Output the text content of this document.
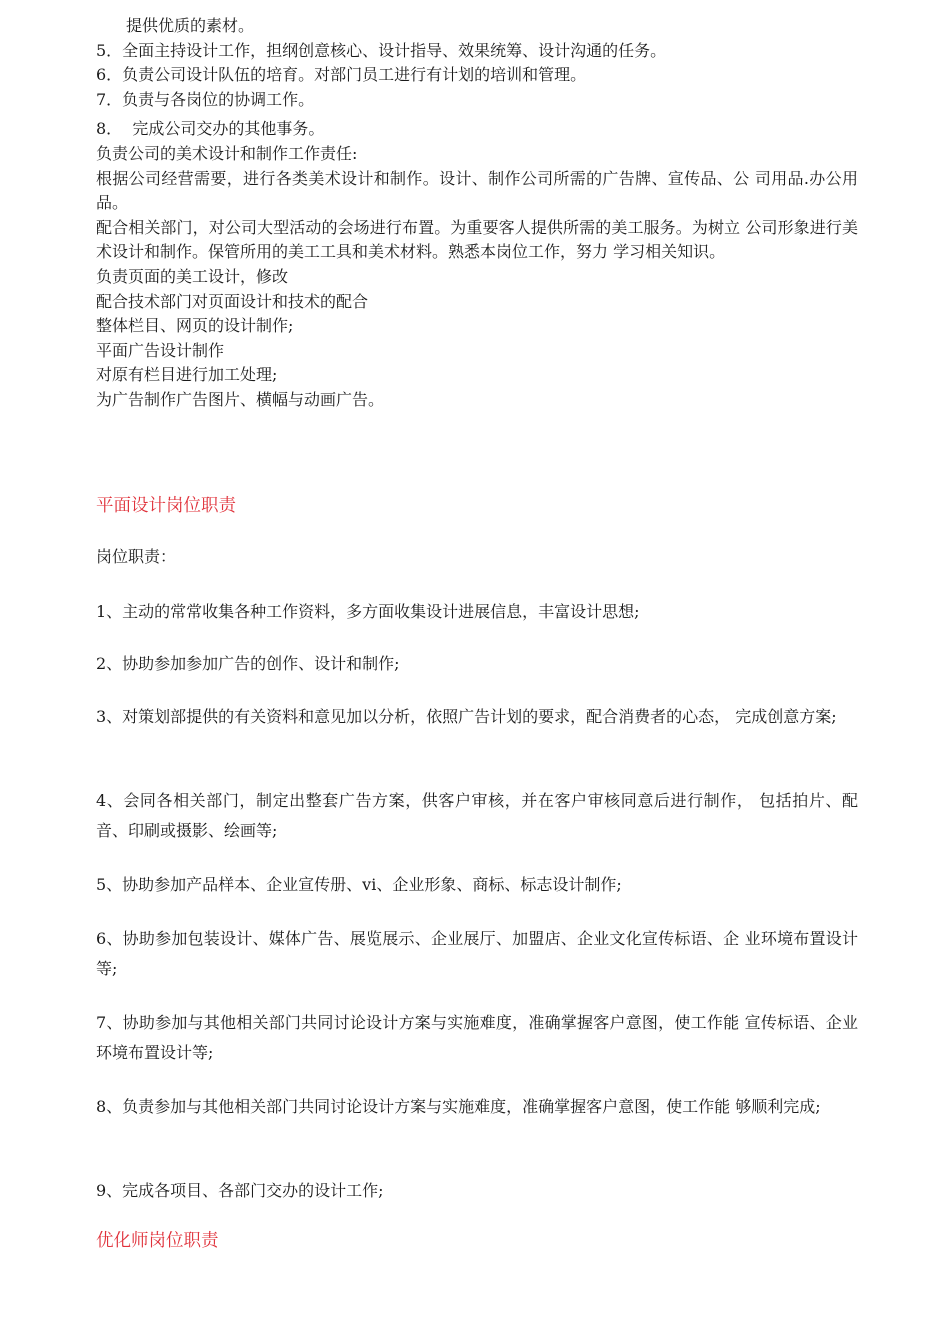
提供优质的素材。

5．全面主持设计工作，担纲创意核心、设计指导、效果统筹、设计沟通的任务。

6．负责公司设计队伍的培育。对部门员工进行有计划的培训和管理。

7．负责与各岗位的协调工作。

8．  完成公司交办的其他事务。

负责公司的美术设计和制作工作责任:

根据公司经营需要，进行各类美术设计和制作。设计、制作公司所需的广告牌、宣传品、公 司用品.办公用品。

配合相关部门，对公司大型活动的会场进行布置。为重要客人提供所需的美工服务。为树立 公司形象进行美术设计和制作。保管所用的美工工具和美术材料。熟悉本岗位工作，努力 学习相关知识。

负责页面的美工设计，修改

配合技术部门对页面设计和技术的配合

整体栏目、网页的设计制作;

平面广告设计制作

对原有栏目进行加工处理;

为广告制作广告图片、横幅与动画广告。

平面设计岗位职责

岗位职责：

1、主动的常常收集各种工作资料，多方面收集设计进展信息，丰富设计思想;

2、协助参加参加广告的创作、设计和制作;

3、对策划部提供的有关资料和意见加以分析，依照广告计划的要求，配合消费者的心态， 完成创意方案;

4、会同各相关部门，制定出整套广告方案，供客户审核，并在客户审核同意后进行制作， 包括拍片、配音、印刷或摄影、绘画等;

5、协助参加产品样本、企业宣传册、vi、企业形象、商标、标志设计制作;

6、协助参加包装设计、媒体广告、展览展示、企业展厅、加盟店、企业文化宣传标语、企 业环境布置设计等;

7、协助参加与其他相关部门共同讨论设计方案与实施难度，准确掌握客户意图，使工作能 宣传标语、企业环境布置设计等;

8、负责参加与其他相关部门共同讨论设计方案与实施难度，准确掌握客户意图，使工作能 够顺利完成;

9、完成各项目、各部门交办的设计工作;

优化师岗位职责
